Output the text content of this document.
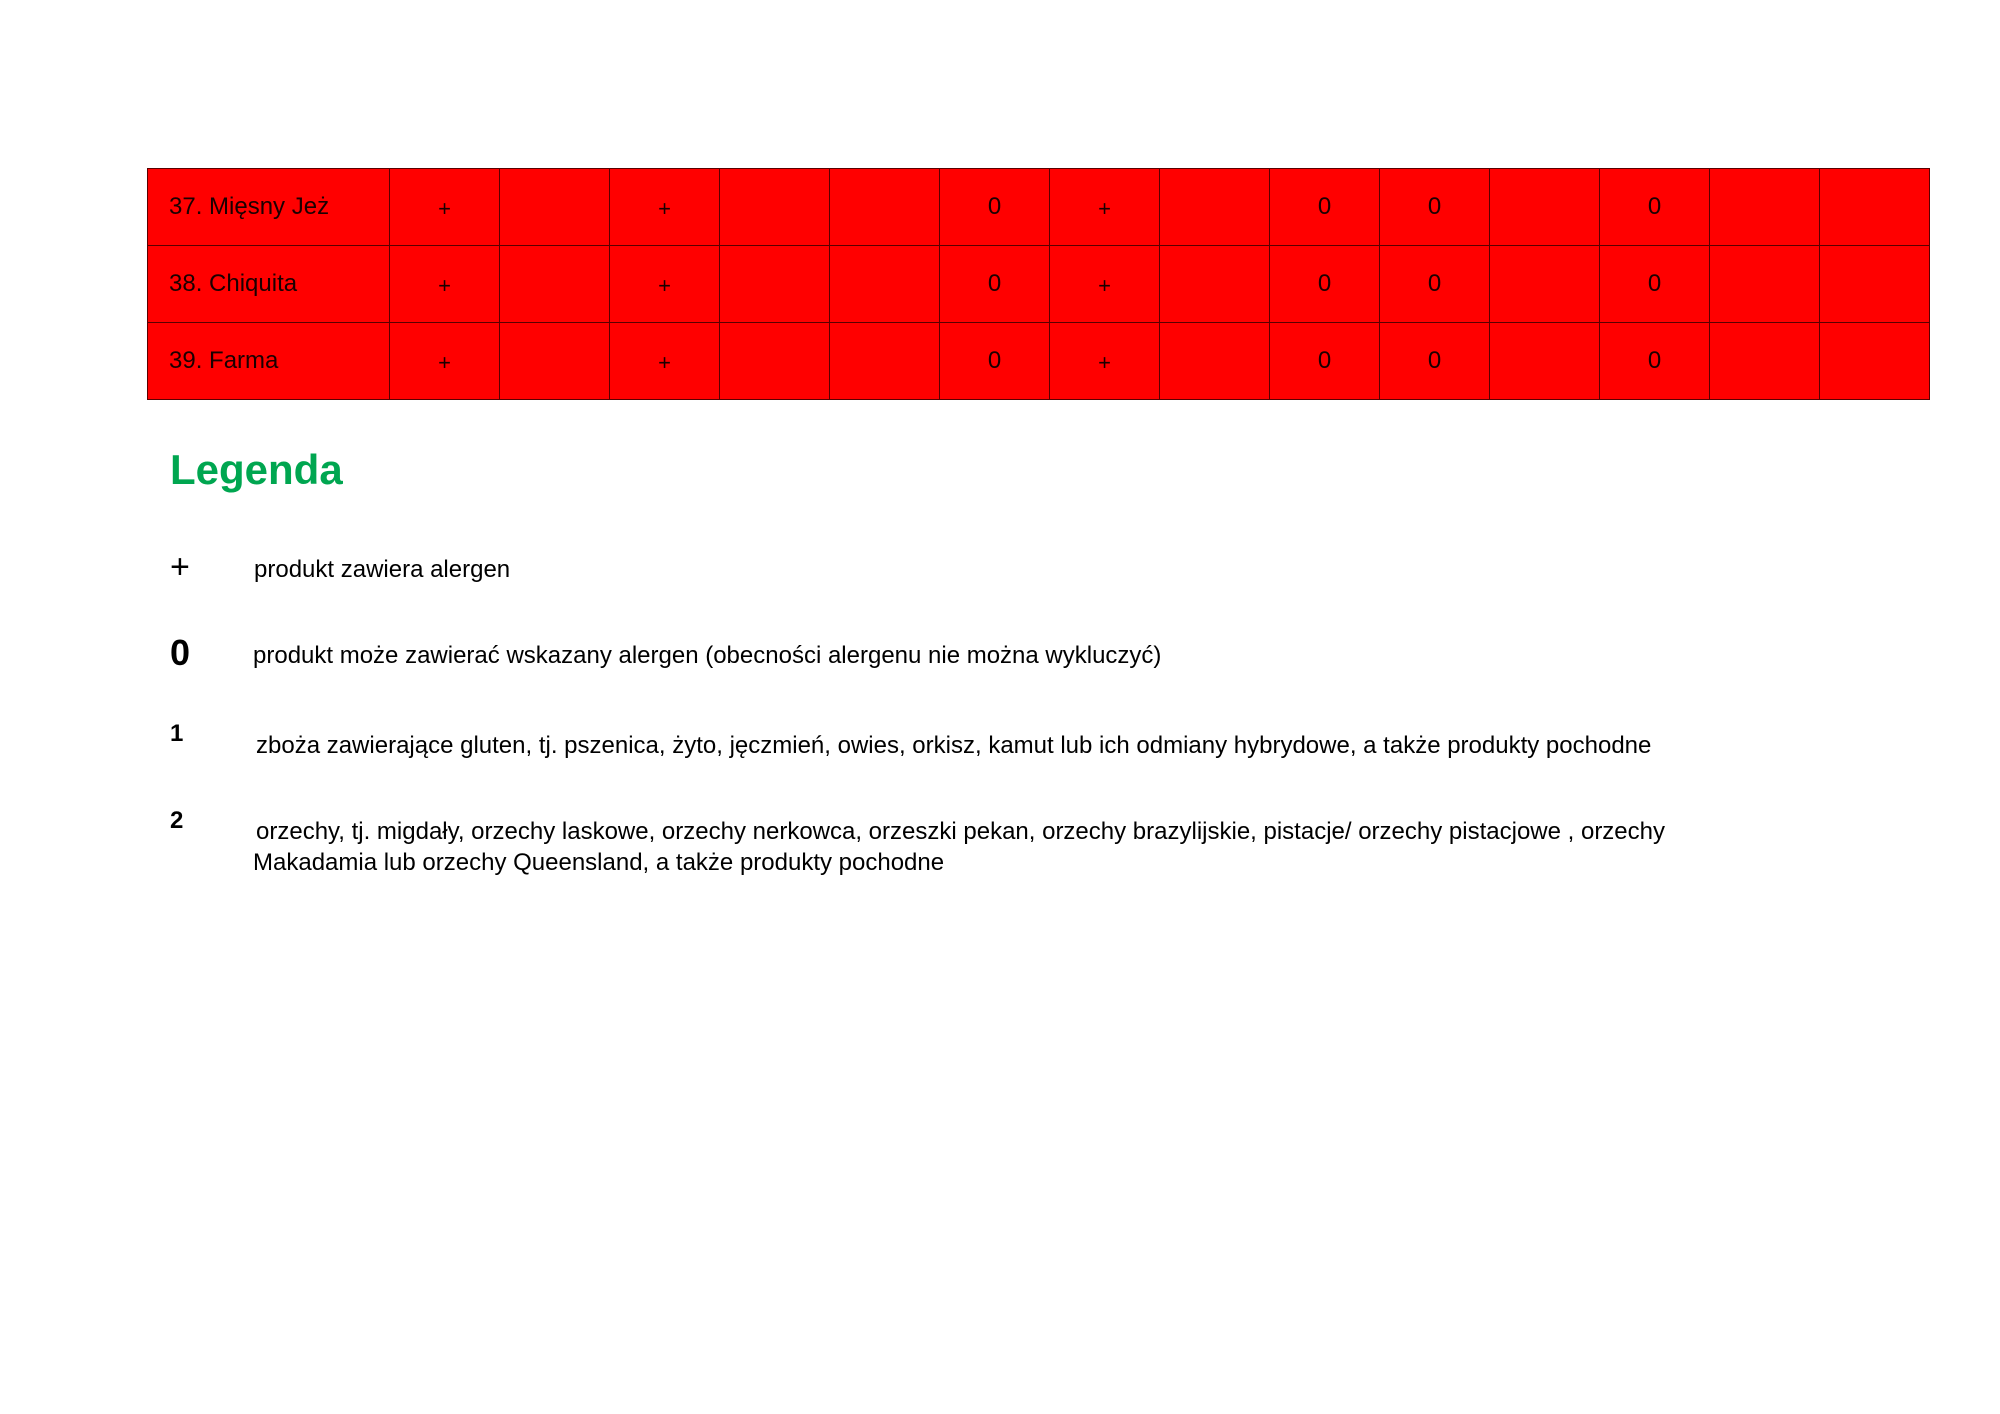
37. Mięsny Jeż	+		+			0	+		0	0		0		
38. Chiquita	+		+			0	+		0	0		0		
39. Farma	+		+			0	+		0	0		0		
Legenda
+	produkt zawiera alergen
0	produkt może zawierać wskazany alergen (obecności alergenu nie można wykluczyć)
1	zboża zawierające gluten, tj. pszenica, żyto, jęczmień, owies, orkisz, kamut lub ich odmiany hybrydowe, a także produkty pochodne
2	orzechy, tj. migdały, orzechy laskowe, orzechy nerkowca, orzeszki pekan, orzechy brazylijskie, pistacje/ orzechy pistacjowe , orzechy
Makadamia lub orzechy Queensland, a także produkty pochodne
